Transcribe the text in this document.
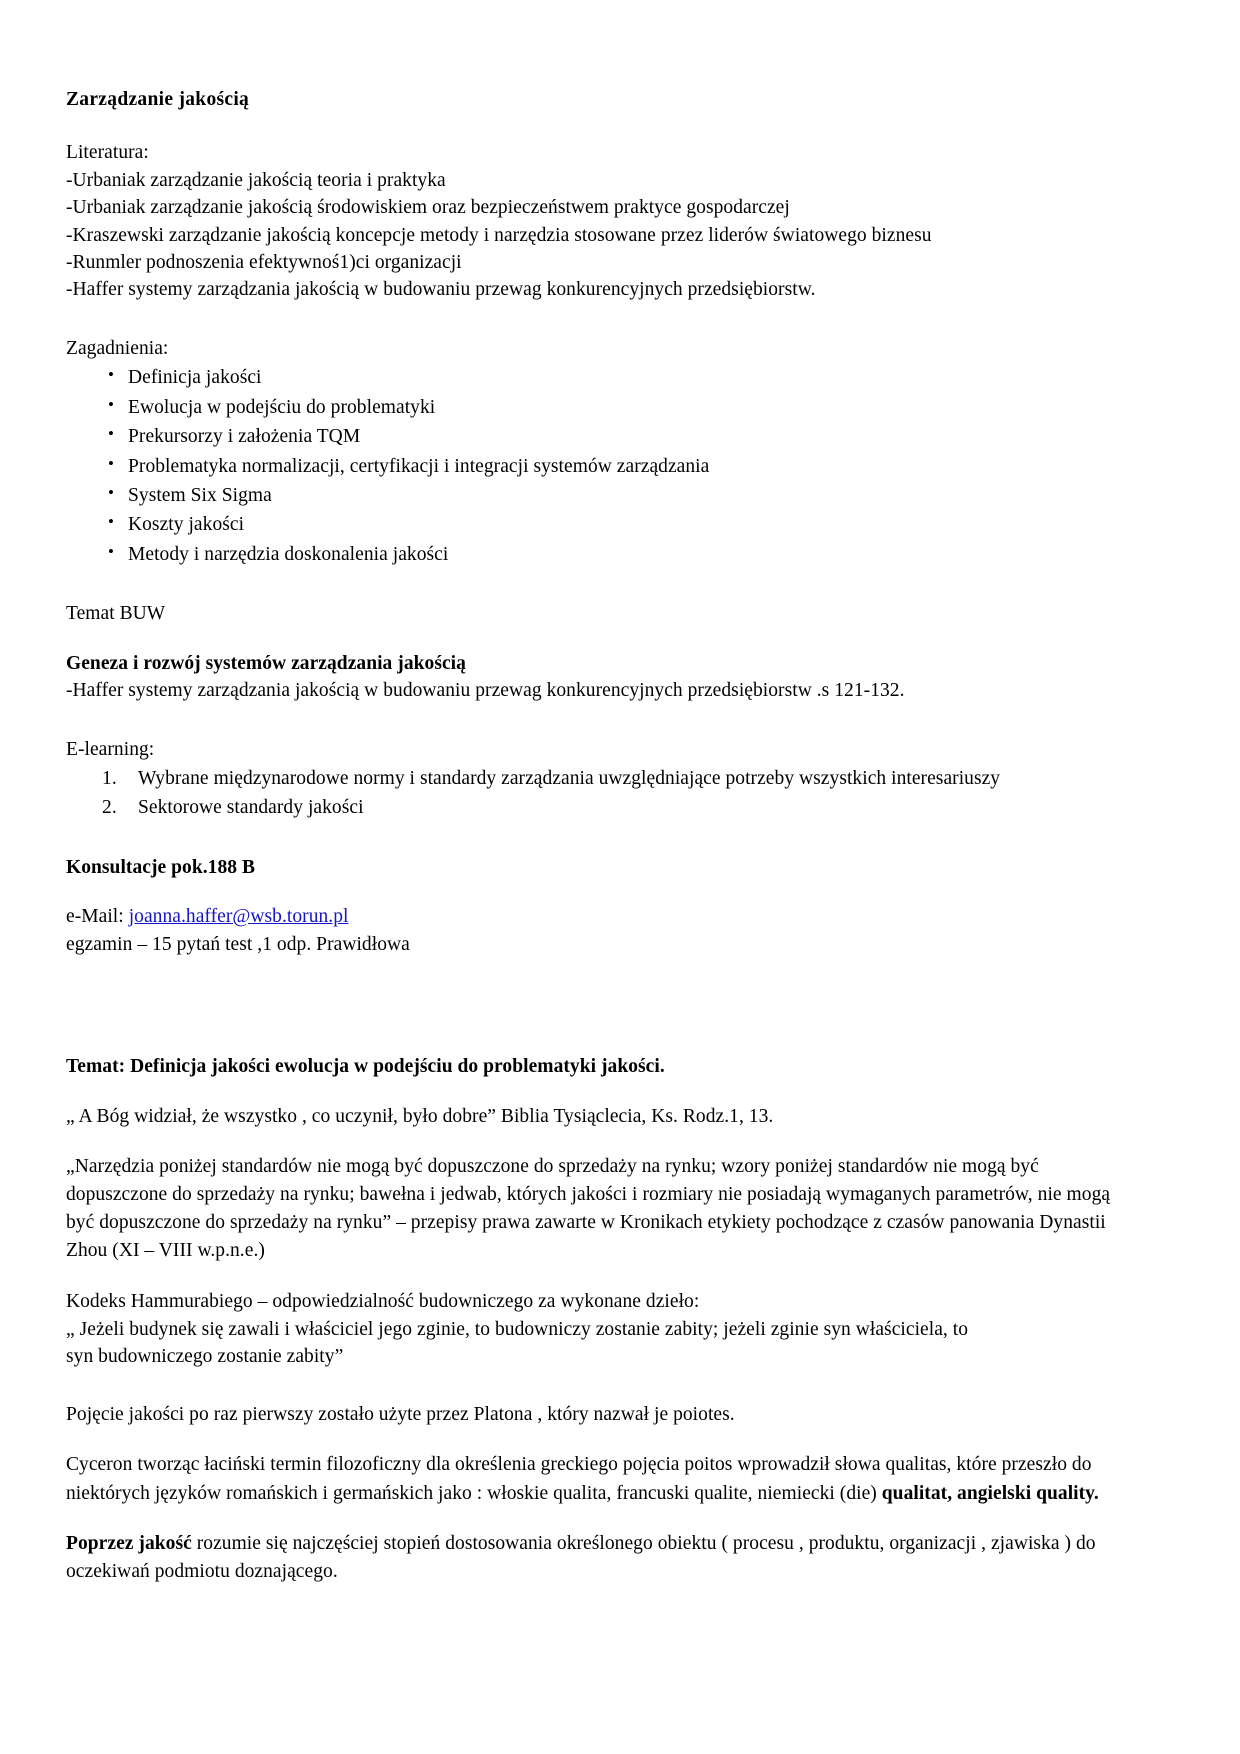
Zarządzanie jakością
Literatura:
-Urbaniak zarządzanie jakością teoria i praktyka
-Urbaniak zarządzanie jakością środowiskiem oraz bezpieczeństwem praktyce gospodarczej
-Kraszewski zarządzanie jakością koncepcje metody i narzędzia stosowane przez liderów światowego biznesu
-Runmler podnoszenia efektywnoś1)ci organizacji
-Haffer systemy zarządzania jakością w budowaniu przewag konkurencyjnych przedsiębiorstw.
Zagadnienia:
• Definicja jakości
• Ewolucja w podejściu do problematyki
• Prekursorzy i założenia TQM
• Problematyka normalizacji, certyfikacji i integracji systemów zarządzania
• System Six Sigma
• Koszty jakości
• Metody i narzędzia doskonalenia jakości
Temat BUW
Geneza i rozwój systemów zarządzania jakością
-Haffer systemy zarządzania jakością w budowaniu przewag konkurencyjnych przedsiębiorstw .s 121-132.
E-learning:
Wybrane międzynarodowe normy i standardy zarządzania uwzględniające potrzeby wszystkich interesariuszy
Sektorowe standardy jakości
Konsultacje pok.188 B
e-Mail: joanna.haffer@wsb.torun.pl
egzamin – 15 pytań test ,1 odp. Prawidłowa
Temat: Definicja jakości ewolucja w podejściu do problematyki jakości.
„ A Bóg widział, że wszystko , co uczynił, było dobre” Biblia Tysiąclecia, Ks. Rodz.1, 13.
„Narzędzia poniżej standardów nie mogą być dopuszczone do sprzedaży na rynku; wzory poniżej standardów nie mogą być dopuszczone do sprzedaży na rynku; bawełna i jedwab, których jakości i rozmiary nie posiadają wymaganych parametrów, nie mogą być dopuszczone do sprzedaży na rynku” – przepisy prawa zawarte w Kronikach etykiety pochodzące z czasów panowania Dynastii Zhou (XI – VIII w.p.n.e.)
Kodeks Hammurabiego – odpowiedzialność budowniczego za wykonane dzieło:
„ Jeżeli budynek się zawali i właściciel jego zginie, to budowniczy zostanie zabity; jeżeli zginie syn właściciela, to
syn budowniczego zostanie zabity”
Pojęcie jakości po raz pierwszy zostało użyte przez Platona , który nazwał je poiotes.
Cyceron tworząc łaciński termin filozoficzny dla określenia greckiego pojęcia poitos wprowadził słowa qualitas, które przeszło do niektórych języków romańskich i germańskich jako : włoskie qualita, francuski qualite, niemiecki (die) qualitat, angielski quality.
Poprzez jakość rozumie się najczęściej stopień dostosowania określonego obiektu ( procesu , produktu, organizacji , zjawiska ) do oczekiwań podmiotu doznającego.
